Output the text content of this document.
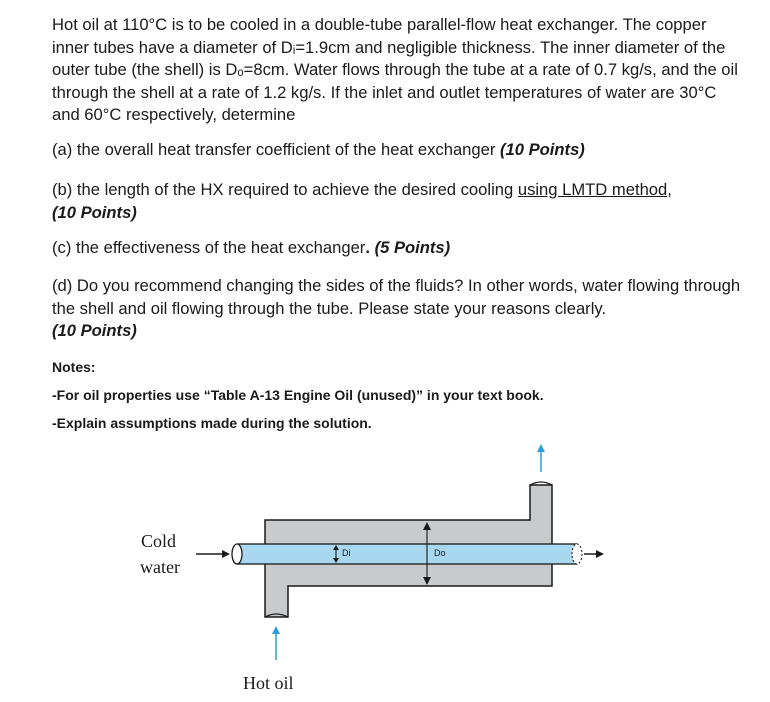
Hot oil at 110°C is to be cooled in a double-tube parallel-flow heat exchanger. The copper inner tubes have a diameter of Dᵢ=1.9cm and negligible thickness. The inner diameter of the outer tube (the shell) is Dₒ=8cm. Water flows through the tube at a rate of 0.7 kg/s, and the oil through the shell at a rate of 1.2 kg/s. If the inlet and outlet temperatures of water are 30°C and 60°C respectively, determine
(a) the overall heat transfer coefficient of the heat exchanger (10 Points)
(b) the length of the HX required to achieve the desired cooling using LMTD method,
(10 Points)
(c) the effectiveness of the heat exchanger. (5 Points)
(d) Do you recommend changing the sides of the fluids? In other words, water flowing through the shell and oil flowing through the tube. Please state your reasons clearly.
(10 Points)
Notes:
-For oil properties use “Table A-13 Engine Oil (unused)” in your text book.
-Explain assumptions made during the solution.
Di	Do
Cold
water
Hot oil
